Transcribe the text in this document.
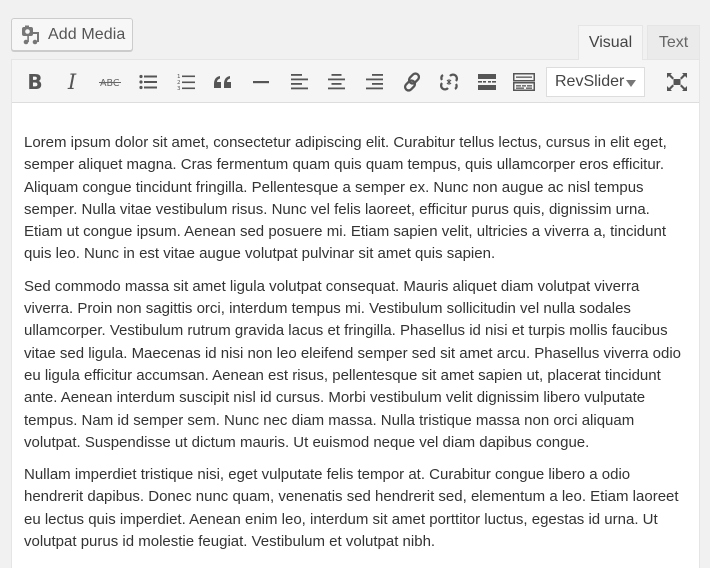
Add Media	Text
B I	ABC
1
2
3	RevSlider

Lorem ipsum dolor sit amet, consectetur adipiscing elit. Curabitur tellus lectus, cursus in elit eget, semper aliquet magna. Cras fermentum quam quis quam tempus, quis ullamcorper eros efficitur. Aliquam congue tincidunt fringilla. Pellentesque a semper ex. Nunc non augue ac nisl tempus semper. Nulla vitae vestibulum risus. Nunc vel felis laoreet, efficitur purus quis, dignissim urna. Etiam ut congue ipsum. Aenean sed posuere mi. Etiam sapien velit, ultricies a viverra a, tincidunt quis leo. Nunc in est vitae augue volutpat pulvinar sit amet quis sapien.

Sed commodo massa sit amet ligula volutpat consequat. Mauris aliquet diam volutpat viverra viverra. Proin non sagittis orci, interdum tempus mi. Vestibulum sollicitudin vel nulla sodales ullamcorper. Vestibulum rutrum gravida lacus et fringilla. Phasellus id nisi et turpis mollis faucibus vitae sed ligula. Maecenas id nisi non leo eleifend semper sed sit amet arcu. Phasellus viverra odio eu ligula efficitur accumsan. Aenean est risus, pellentesque sit amet sapien ut, placerat tincidunt ante. Aenean interdum suscipit nisl id cursus. Morbi vestibulum velit dignissim libero vulputate tempus. Nam id semper sem. Nunc nec diam massa. Nulla tristique massa non orci aliquam volutpat. Suspendisse ut dictum mauris. Ut euismod neque vel diam dapibus congue.

Nullam imperdiet tristique nisi, eget vulputate felis tempor at. Curabitur congue libero a odio hendrerit dapibus. Donec nunc quam, venenatis sed hendrerit sed, elementum a leo. Etiam laoreet eu lectus quis imperdiet. Aenean enim leo, interdum sit amet porttitor luctus, egestas id urna. Ut volutpat purus id molestie feugiat. Vestibulum et volutpat nibh.

Visual
